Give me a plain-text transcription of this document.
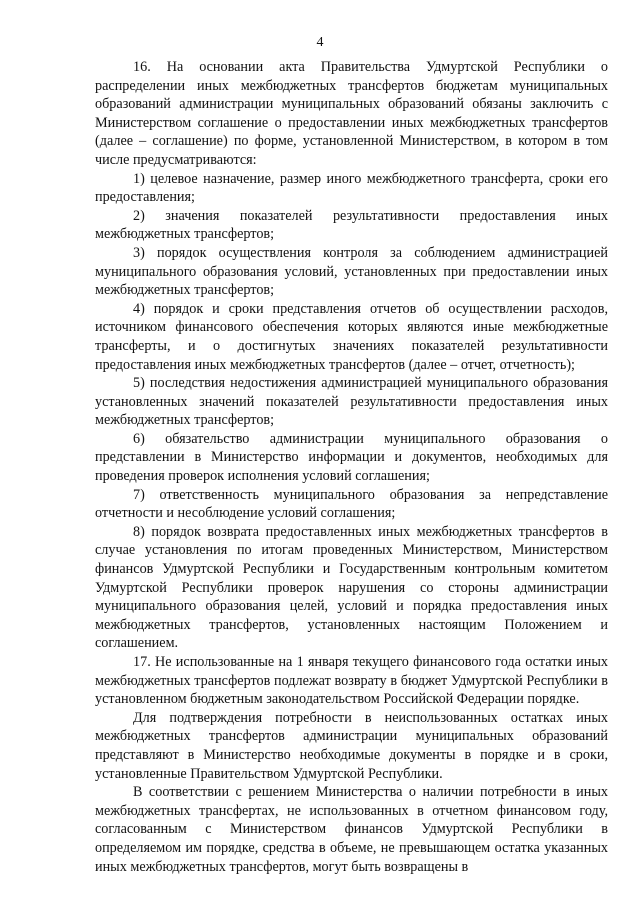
4

16. На основании акта Правительства Удмуртской Республики о распределении иных межбюджетных трансфертов бюджетам муниципальных образований администрации муниципальных образований обязаны заключить с Министерством соглашение о предоставлении иных межбюджетных трансфертов (далее – соглашение) по форме, установленной Министерством, в котором в том числе предусматриваются:

1) целевое назначение, размер иного межбюджетного трансферта, сроки его предоставления;

2) значения показателей результативности предоставления иных межбюджетных трансфертов;

3) порядок осуществления контроля за соблюдением администрацией муниципального образования условий, установленных при предоставлении иных межбюджетных трансфертов;

4) порядок и сроки представления отчетов об осуществлении расходов, источником финансового обеспечения которых являются иные межбюджетные трансферты, и о достигнутых значениях показателей результативности предоставления иных межбюджетных трансфертов (далее – отчет, отчетность);

5) последствия недостижения администрацией муниципального образования установленных значений показателей результативности предоставления иных межбюджетных трансфертов;

6) обязательство администрации муниципального образования о представлении в Министерство информации и документов, необходимых для проведения проверок исполнения условий соглашения;

7) ответственность муниципального образования за непредставление отчетности и несоблюдение условий соглашения;

8) порядок возврата предоставленных иных межбюджетных трансфертов в случае установления по итогам проведенных Министерством, Министерством финансов Удмуртской Республики и Государственным контрольным комитетом Удмуртской Республики проверок нарушения со стороны администрации муниципального образования целей, условий и порядка предоставления иных межбюджетных трансфертов, установленных настоящим Положением и соглашением.

17. Не использованные на 1 января текущего финансового года остатки иных межбюджетных трансфертов подлежат возврату в бюджет Удмуртской Республики в установленном бюджетным законодательством Российской Федерации порядке.

Для подтверждения потребности в неиспользованных остатках иных межбюджетных трансфертов администрации муниципальных образований представляют в Министерство необходимые документы в порядке и в сроки, установленные Правительством Удмуртской Республики.

В соответствии с решением Министерства о наличии потребности в иных межбюджетных трансфертах, не использованных в отчетном финансовом году, согласованным с Министерством финансов Удмуртской Республики в определяемом им порядке, средства в объеме, не превышающем остатка указанных иных межбюджетных трансфертов, могут быть возвращены в
